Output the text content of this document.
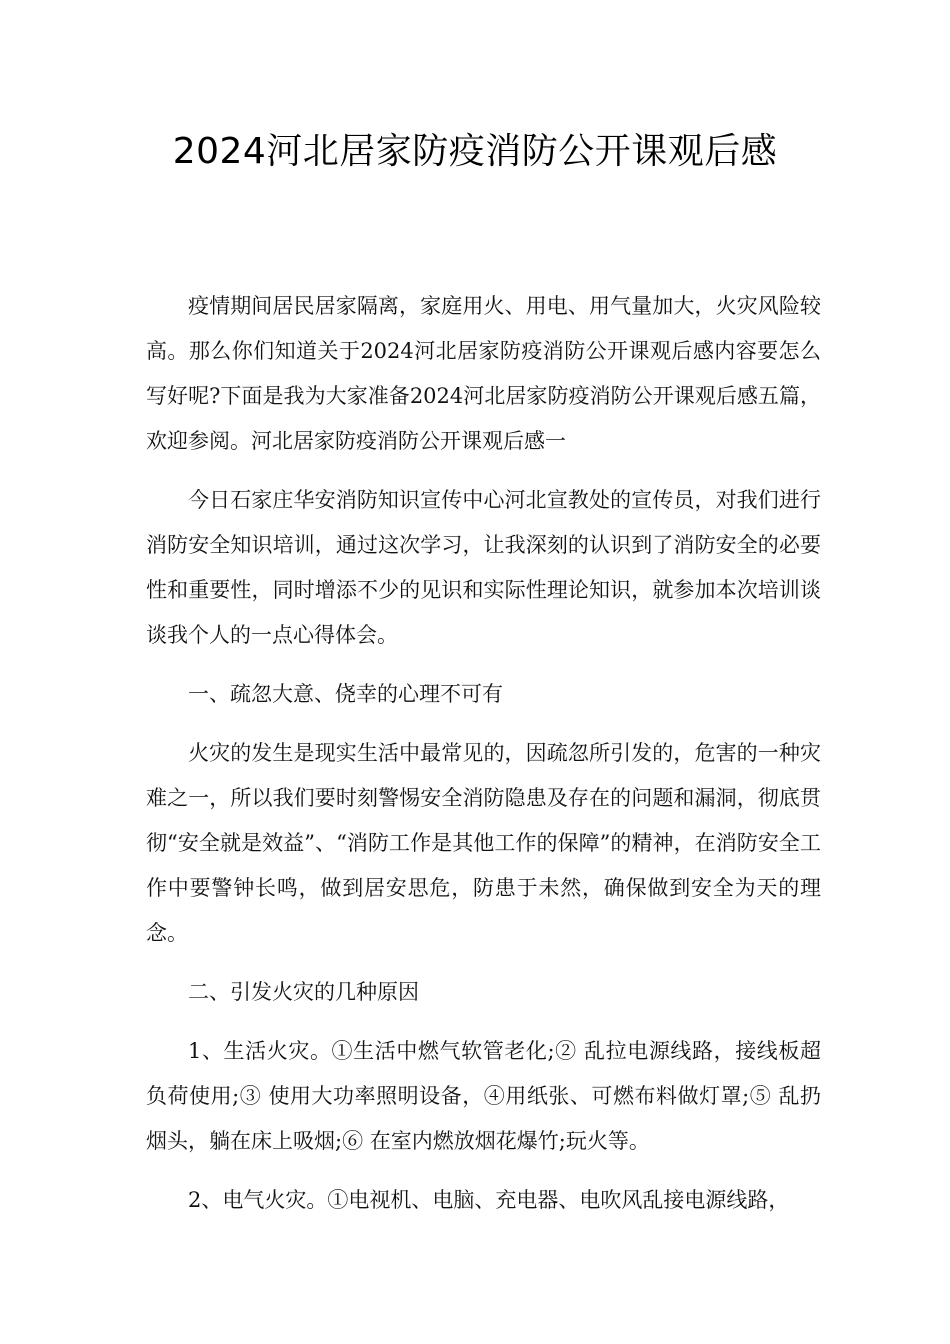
2024河北居家防疫消防公开课观后感

疫情期间居民居家隔离，家庭用火、用电、用气量加大，火灾风险较高。那么你们知道关于2024河北居家防疫消防公开课观后感内容要怎么写好呢?下面是我为大家准备2024河北居家防疫消防公开课观后感五篇，欢迎参阅。河北居家防疫消防公开课观后感一

今日石家庄华安消防知识宣传中心河北宣教处的宣传员，对我们进行消防安全知识培训，通过这次学习，让我深刻的认识到了消防安全的必要性和重要性，同时增添不少的见识和实际性理论知识，就参加本次培训谈谈我个人的一点心得体会。

一、疏忽大意、侥幸的心理不可有

火灾的发生是现实生活中最常见的，因疏忽所引发的，危害的一种灾难之一，所以我们要时刻警惕安全消防隐患及存在的问题和漏洞，彻底贯彻“安全就是效益”、“消防工作是其他工作的保障”的精神，在消防安全工作中要警钟长鸣，做到居安思危，防患于未然，确保做到安全为天的理念。

二、引发火灾的几种原因

1、生活火灾。①生活中燃气软管老化;② 乱拉电源线路，接线板超负荷使用;③ 使用大功率照明设备，④用纸张、可燃布料做灯罩;⑤ 乱扔烟头，躺在床上吸烟;⑥ 在室内燃放烟花爆竹;玩火等。

2、电气火灾。①电视机、电脑、充电器、电吹风乱接电源线路，
